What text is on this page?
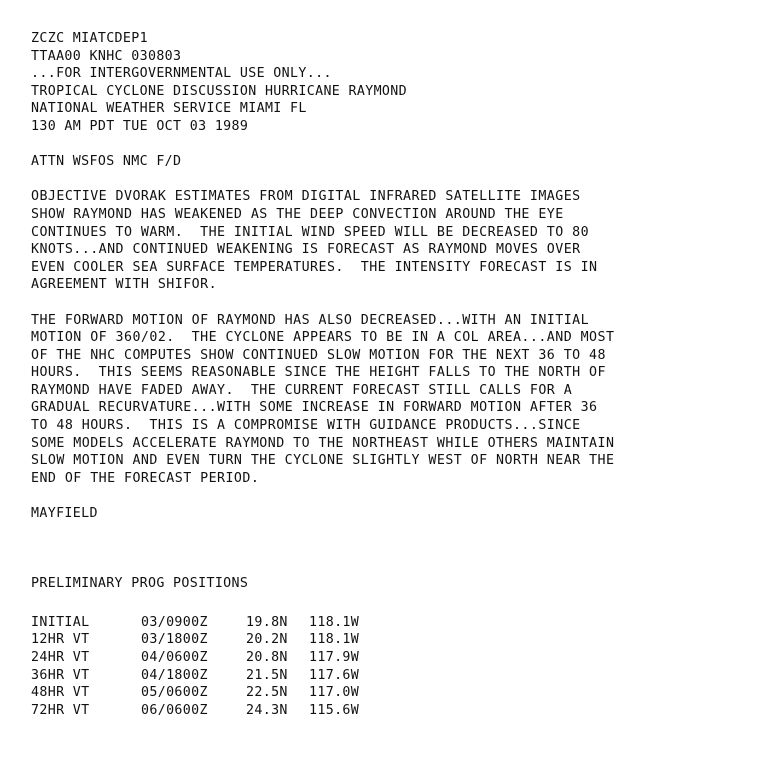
ZCZC MIATCDEP1
TTAA00 KNHC 030803
...FOR INTERGOVERNMENTAL USE ONLY...
TROPICAL CYCLONE DISCUSSION HURRICANE RAYMOND
NATIONAL WEATHER SERVICE MIAMI FL
130 AM PDT TUE OCT 03 1989
ATTN WSFOS NMC F/D
OBJECTIVE DVORAK ESTIMATES FROM DIGITAL INFRARED SATELLITE IMAGES
SHOW RAYMOND HAS WEAKENED AS THE DEEP CONVECTION AROUND THE EYE
CONTINUES TO WARM.  THE INITIAL WIND SPEED WILL BE DECREASED TO 80
KNOTS...AND CONTINUED WEAKENING IS FORECAST AS RAYMOND MOVES OVER
EVEN COOLER SEA SURFACE TEMPERATURES.  THE INTENSITY FORECAST IS IN
AGREEMENT WITH SHIFOR.
THE FORWARD MOTION OF RAYMOND HAS ALSO DECREASED...WITH AN INITIAL
MOTION OF 360/02.  THE CYCLONE APPEARS TO BE IN A COL AREA...AND MOST
OF THE NHC COMPUTES SHOW CONTINUED SLOW MOTION FOR THE NEXT 36 TO 48
HOURS.  THIS SEEMS REASONABLE SINCE THE HEIGHT FALLS TO THE NORTH OF
RAYMOND HAVE FADED AWAY.  THE CURRENT FORECAST STILL CALLS FOR A
GRADUAL RECURVATURE...WITH SOME INCREASE IN FORWARD MOTION AFTER 36
TO 48 HOURS.  THIS IS A COMPROMISE WITH GUIDANCE PRODUCTS...SINCE
SOME MODELS ACCELERATE RAYMOND TO THE NORTHEAST WHILE OTHERS MAINTAIN
SLOW MOTION AND EVEN TURN THE CYCLONE SLIGHTLY WEST OF NORTH NEAR THE
END OF THE FORECAST PERIOD.
MAYFIELD
PRELIMINARY PROG POSITIONS
INITIAL	03/0900Z	19.8N	118.1W
12HR VT	03/1800Z	20.2N	118.1W
24HR VT	04/0600Z	20.8N	117.9W
36HR VT	04/1800Z	21.5N	117.6W
48HR VT	05/0600Z	22.5N	117.0W
72HR VT	06/0600Z	24.3N	115.6W
